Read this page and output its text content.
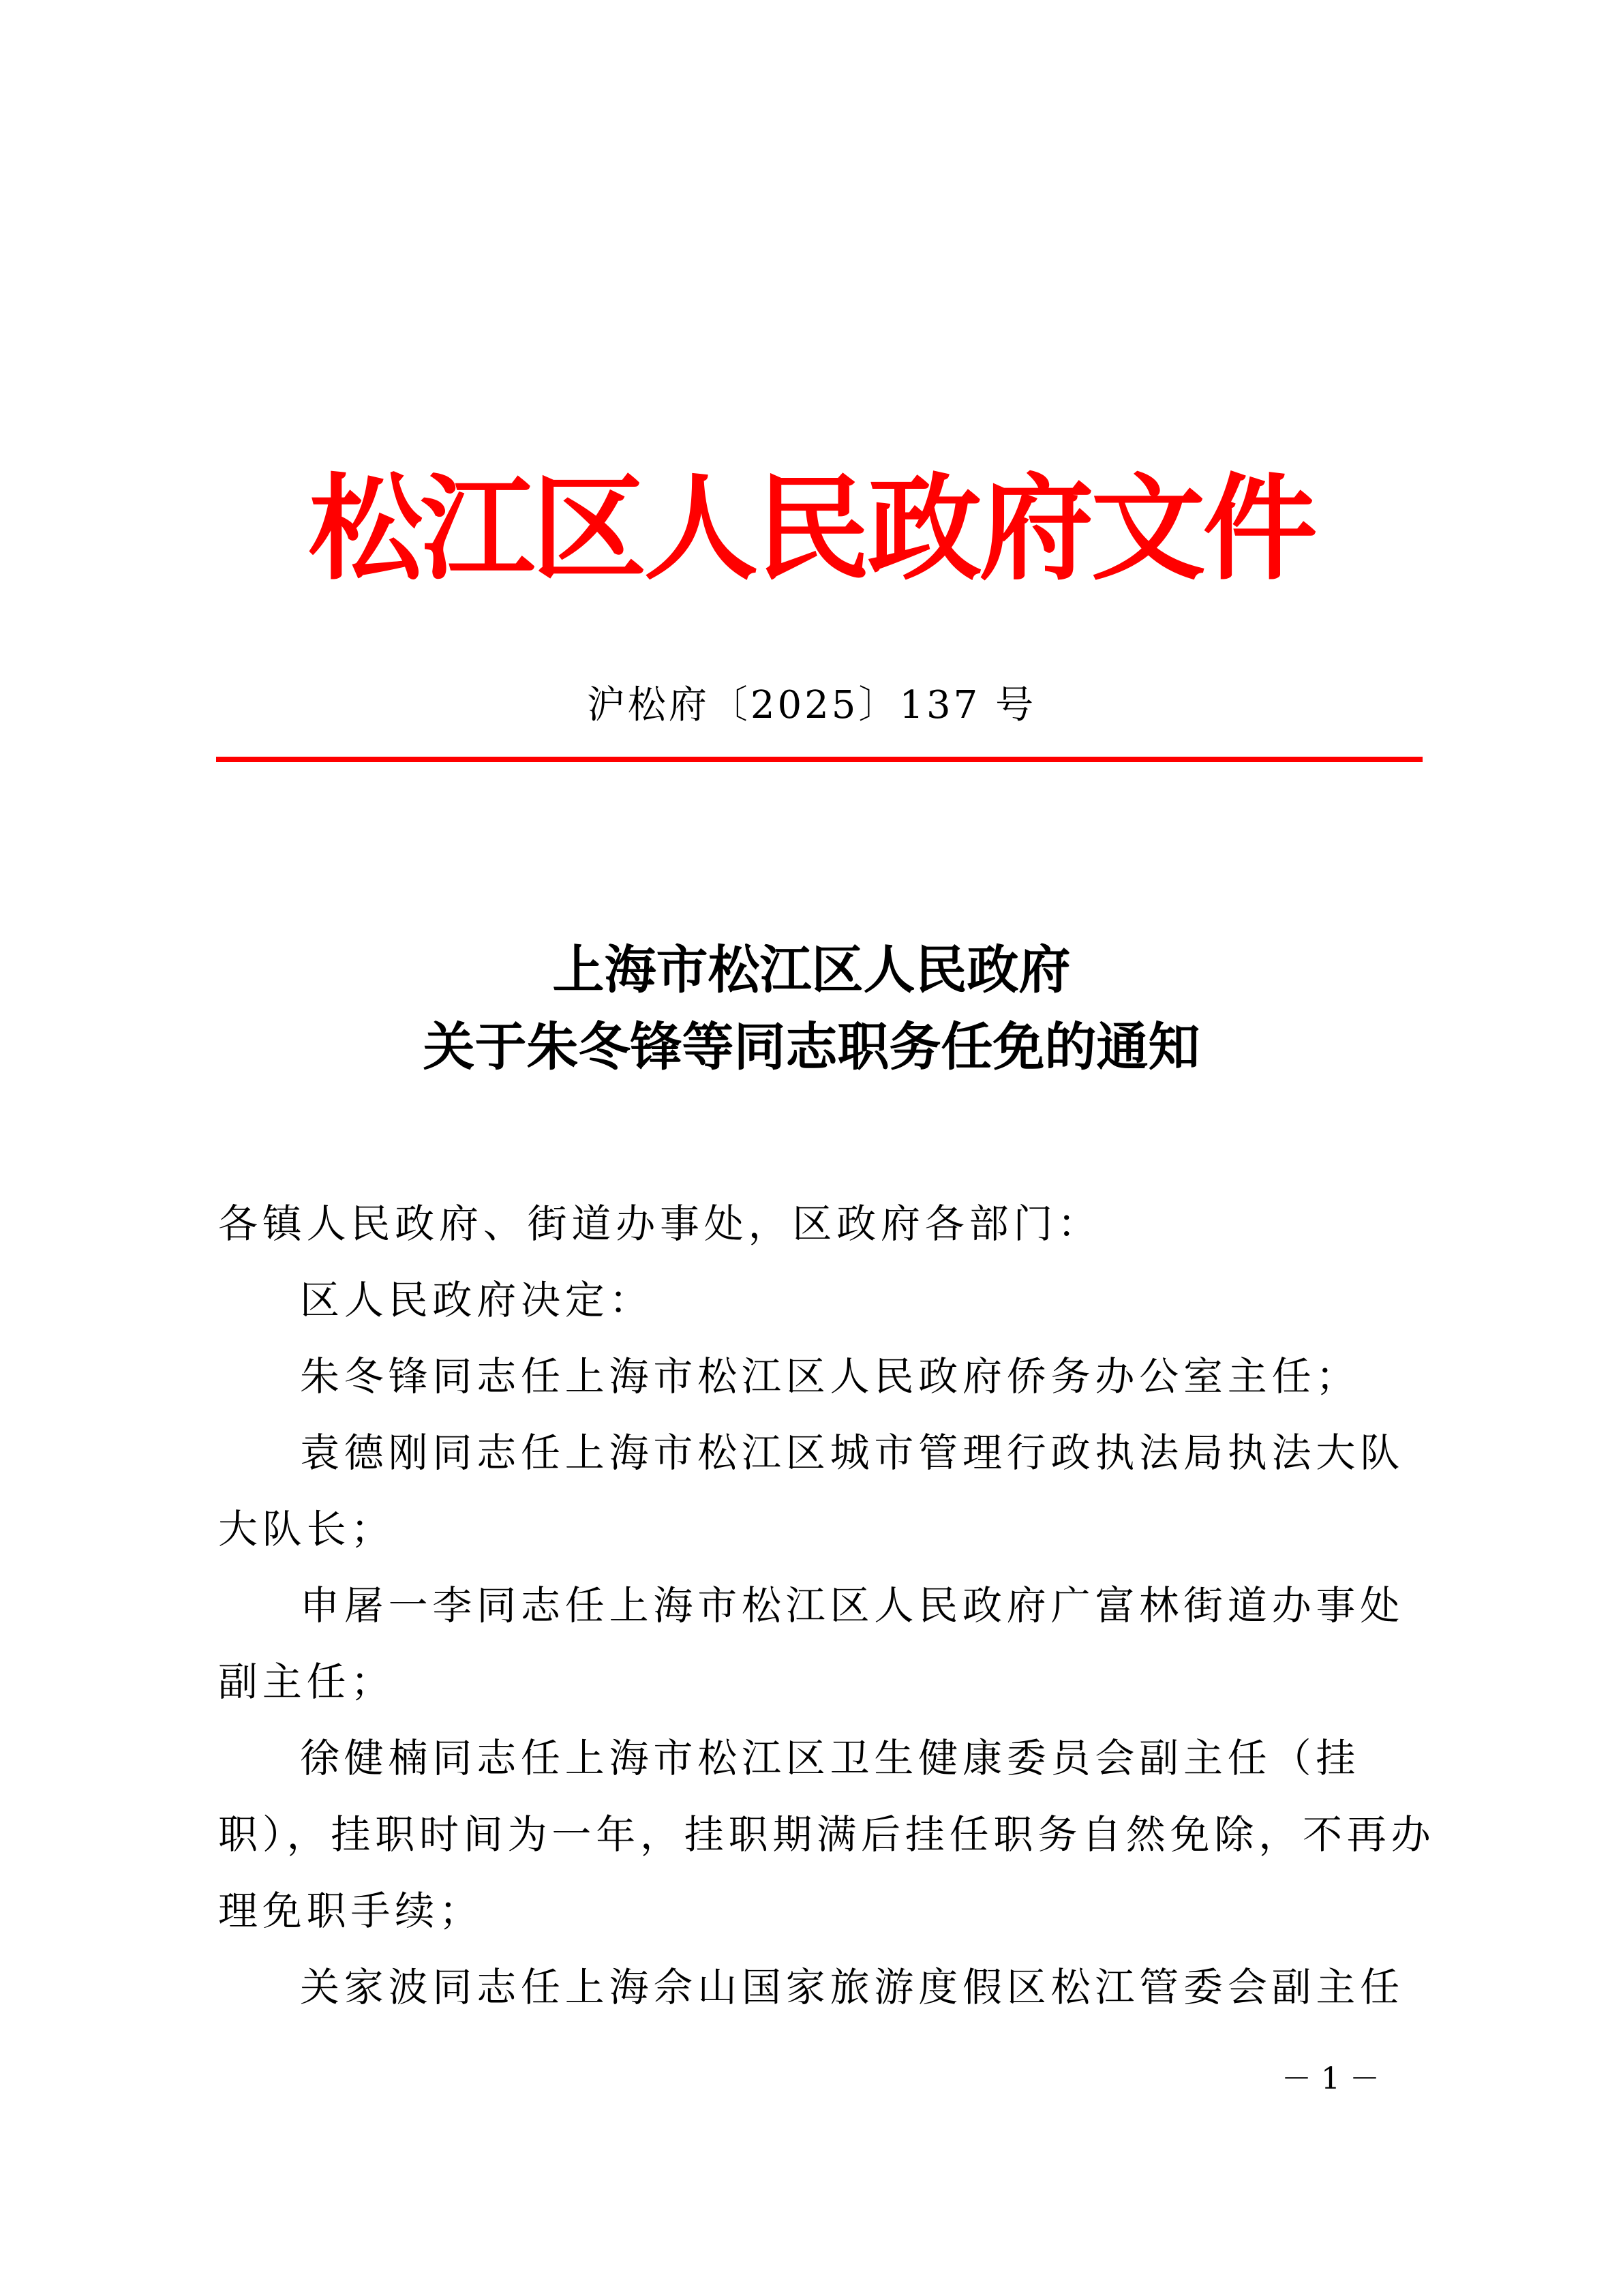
松江区人民政府文件
沪松府〔2025〕137 号
上海市松江区人民政府
关于朱冬锋等同志职务任免的通知
各镇人民政府、街道办事处，区政府各部门：
区人民政府决定：
朱冬锋同志任上海市松江区人民政府侨务办公室主任；
袁德刚同志任上海市松江区城市管理行政执法局执法大队
大队长；
申屠一李同志任上海市松江区人民政府广富林街道办事处
副主任；
徐健楠同志任上海市松江区卫生健康委员会副主任（挂
职），挂职时间为一年，挂职期满后挂任职务自然免除，不再办
理免职手续；
关家波同志任上海佘山国家旅游度假区松江管委会副主任
－ 1 －
